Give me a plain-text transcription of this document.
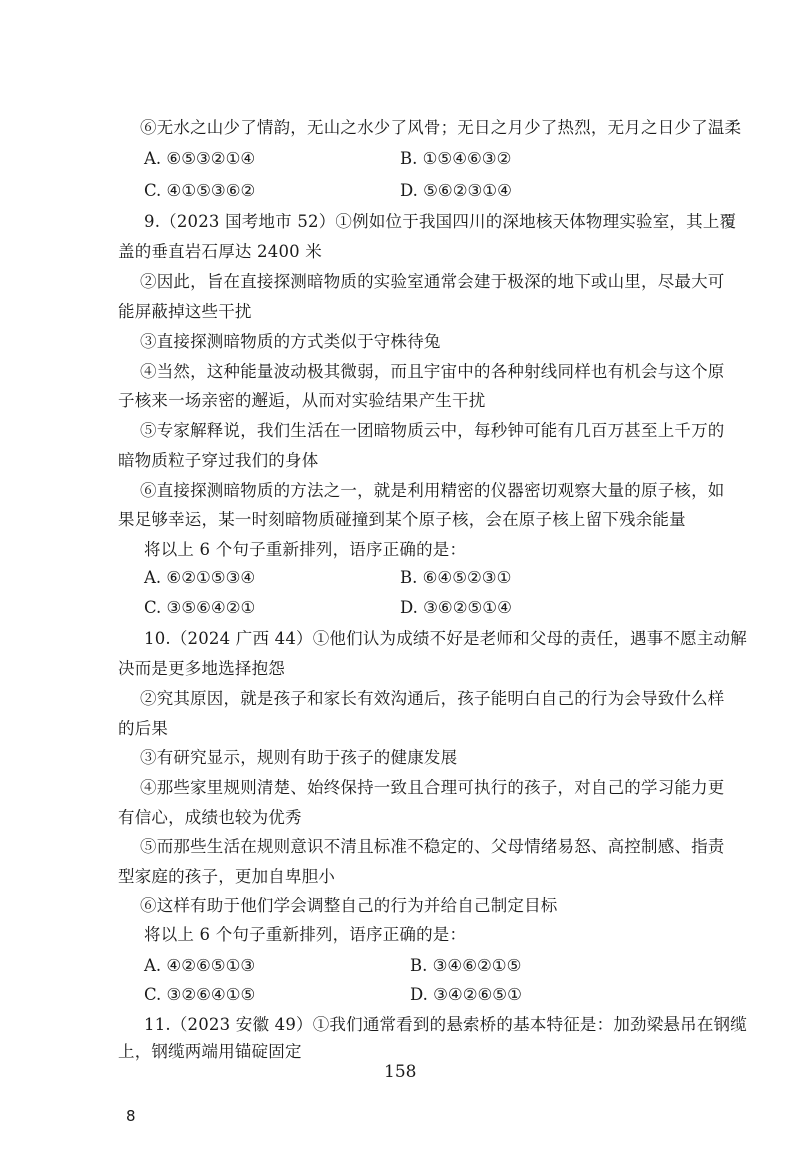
⑥无水之山少了情韵，无山之水少了风骨；无日之月少了热烈，无月之日少了温柔
A. ⑥⑤③②①④	B. ①⑤④⑥③②
C. ④①⑤③⑥②	D. ⑤⑥②③①④
9.（2023 国考地市 52）①例如位于我国四川的深地核天体物理实验室，其上覆
盖的垂直岩石厚达 2400 米
②因此，旨在直接探测暗物质的实验室通常会建于极深的地下或山里，尽最大可
能屏蔽掉这些干扰
③直接探测暗物质的方式类似于守株待兔
④当然，这种能量波动极其微弱，而且宇宙中的各种射线同样也有机会与这个原
子核来一场亲密的邂逅，从而对实验结果产生干扰
⑤专家解释说，我们生活在一团暗物质云中，每秒钟可能有几百万甚至上千万的
暗物质粒子穿过我们的身体
⑥直接探测暗物质的方法之一，就是利用精密的仪器密切观察大量的原子核，如
果足够幸运，某一时刻暗物质碰撞到某个原子核，会在原子核上留下残余能量
将以上 6 个句子重新排列，语序正确的是：
A. ⑥②①⑤③④	B. ⑥④⑤②③①
C. ③⑤⑥④②①	D. ③⑥②⑤①④
10.（2024 广西 44）①他们认为成绩不好是老师和父母的责任，遇事不愿主动解
决而是更多地选择抱怨
②究其原因，就是孩子和家长有效沟通后，孩子能明白自己的行为会导致什么样
的后果
③有研究显示，规则有助于孩子的健康发展
④那些家里规则清楚、始终保持一致且合理可执行的孩子，对自己的学习能力更
有信心，成绩也较为优秀
⑤而那些生活在规则意识不清且标准不稳定的、父母情绪易怒、高控制感、指责
型家庭的孩子，更加自卑胆小
⑥这样有助于他们学会调整自己的行为并给自己制定目标
将以上 6 个句子重新排列，语序正确的是：
A. ④②⑥⑤①③	B. ③④⑥②①⑤
C. ③②⑥④①⑤	D. ③④②⑥⑤①
11.（2023 安徽 49）①我们通常看到的悬索桥的基本特征是：加劲梁悬吊在钢缆
上，钢缆两端用锚碇固定
158
8
